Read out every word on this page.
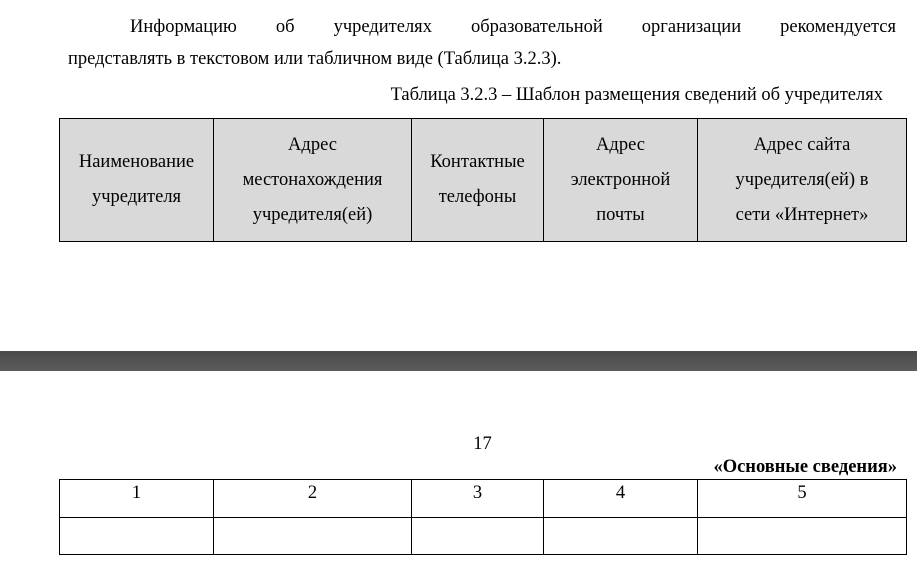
Информацию об учредителях образовательной организации рекомендуется
представлять в текстовом или табличном виде (Таблица 3.2.3).

Таблица 3.2.3 – Шаблон размещения сведений об учредителях
Наименование учредителя	Адрес местонахождения учредителя(ей)	Контактные телефоны	Адрес электронной почты	Адрес сайта учредителя(ей) в сети «Интернет»
17
«Основные сведения»
1	2	3	4	5
